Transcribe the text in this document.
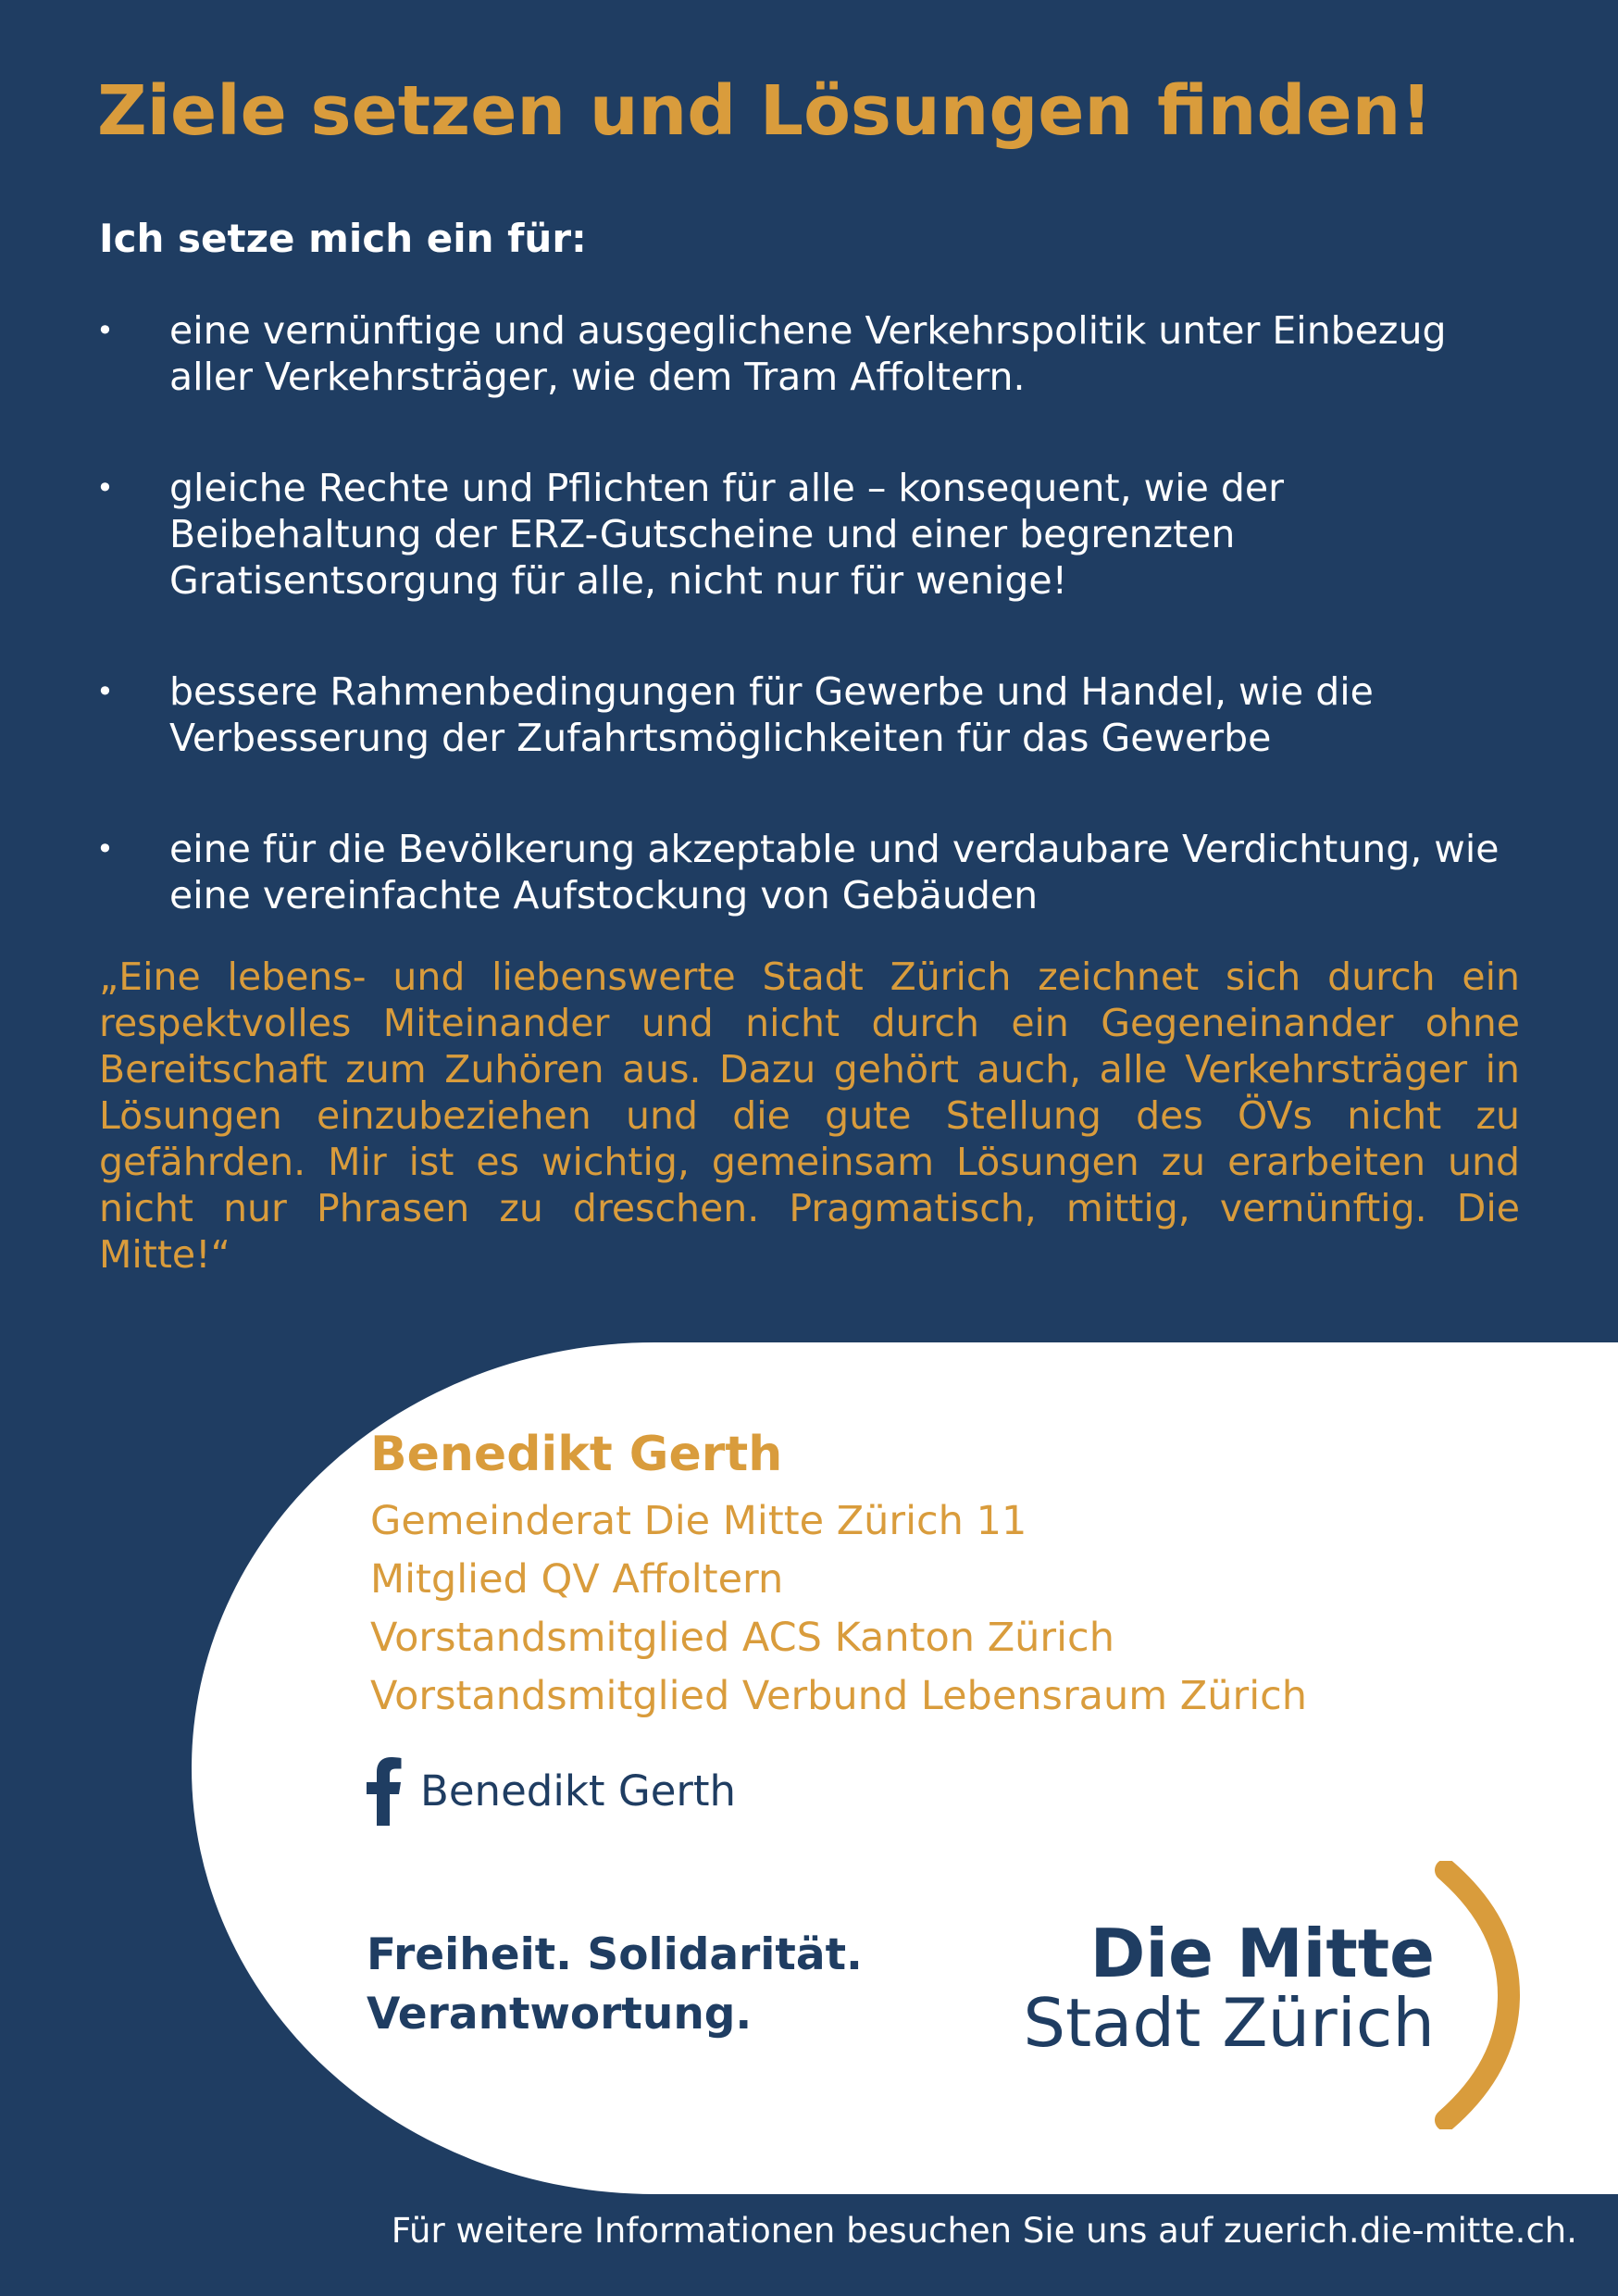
Ziele setzen und Lösungen finden!

Ich setze mich ein für:

• eine vernünftige und ausgeglichene Verkehrspolitik unter Einbezug aller Verkehrsträger, wie dem Tram Affoltern.
• gleiche Rechte und Pflichten für alle – konsequent, wie der Beibehaltung der ERZ-Gutscheine und einer begrenzten Gratisentsorgung für alle, nicht nur für wenige!
• bessere Rahmenbedingungen für Gewerbe und Handel, wie die Verbesserung der Zufahrtsmöglichkeiten für das Gewerbe
• eine für die Bevölkerung akzeptable und verdaubare Verdichtung, wie eine vereinfachte Aufstockung von Gebäuden

„Eine lebens- und liebenswerte Stadt Zürich zeichnet sich durch ein respektvolles Miteinander und nicht durch ein Gegeneinander ohne Bereitschaft zum Zuhören aus. Dazu gehört auch, alle Verkehrsträger in Lösungen einzubeziehen und die gute Stellung des ÖVs nicht zu gefährden. Mir ist es wichtig, gemeinsam Lösungen zu erarbeiten und nicht nur Phrasen zu dreschen. Pragmatisch, mittig, vernünftig. Die Mitte!“

Benedikt Gerth

Gemeinderat Die Mitte Zürich 11

Mitglied QV Affoltern

Vorstandsmitglied ACS Kanton Zürich

Vorstandsmitglied Verbund Lebensraum Zürich

Benedikt Gerth
Freiheit. Solidarität.
Verantwortung.
Die Mitte
Stadt Zürich
Für weitere Informationen besuchen Sie uns auf zuerich.die-mitte.ch.
